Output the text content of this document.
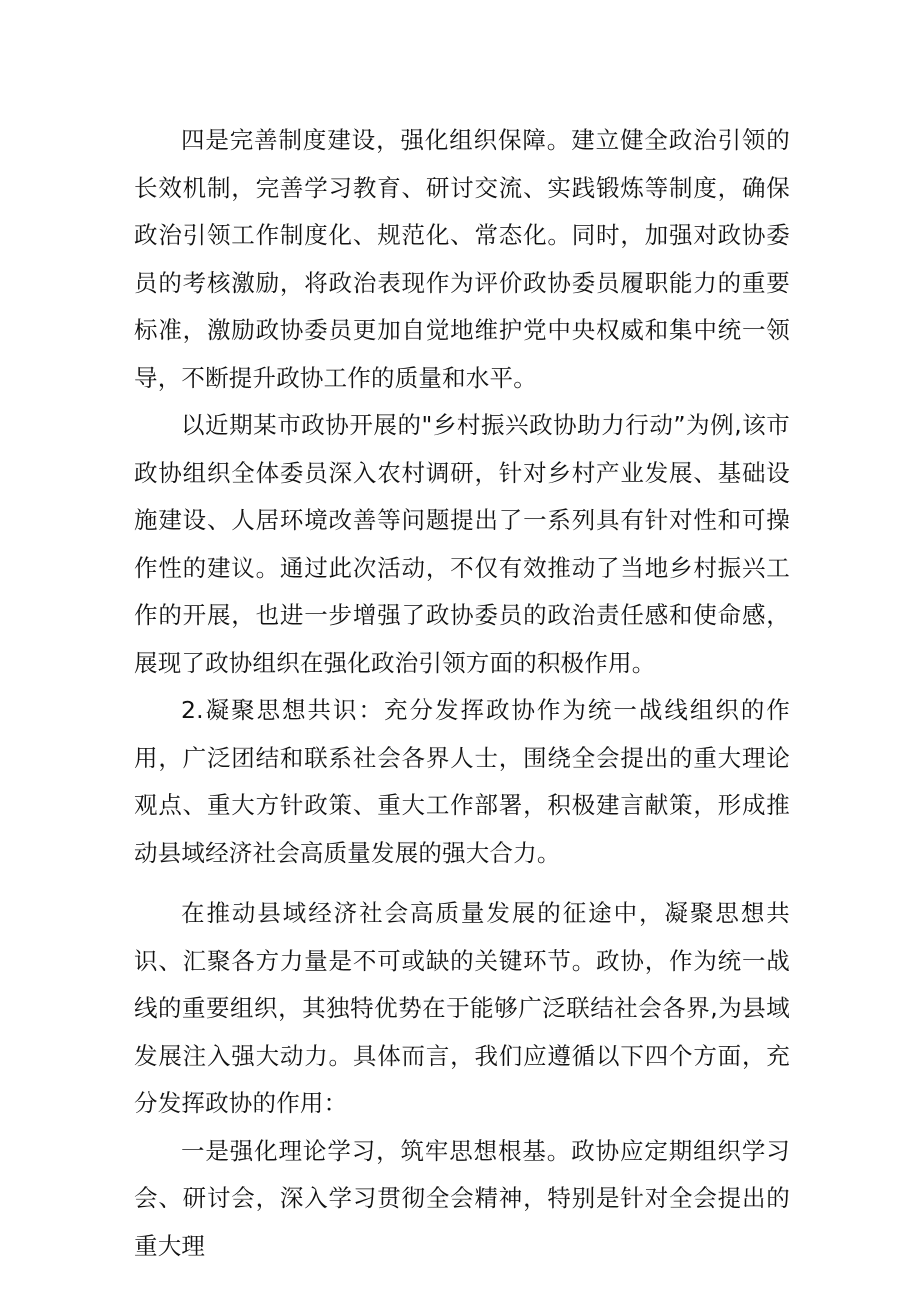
四是完善制度建设，强化组织保障。建立健全政治引领的长效机制，完善学习教育、研讨交流、实践锻炼等制度，确保政治引领工作制度化、规范化、常态化。同时，加强对政协委员的考核激励，将政治表现作为评价政协委员履职能力的重要标准，激励政协委员更加自觉地维护党中央权威和集中统一领导，不断提升政协工作的质量和水平。

以近期某市政协开展的"乡村振兴政协助力行动”为例,该市政协组织全体委员深入农村调研，针对乡村产业发展、基础设施建设、人居环境改善等问题提出了一系列具有针对性和可操作性的建议。通过此次活动，不仅有效推动了当地乡村振兴工作的开展，也进一步增强了政协委员的政治责任感和使命感，展现了政协组织在强化政治引领方面的积极作用。

2.凝聚思想共识：充分发挥政协作为统一战线组织的作用，广泛团结和联系社会各界人士，围绕全会提出的重大理论观点、重大方针政策、重大工作部署，积极建言献策，形成推动县域经济社会高质量发展的强大合力。

在推动县域经济社会高质量发展的征途中，凝聚思想共识、汇聚各方力量是不可或缺的关键环节。政协，作为统一战线的重要组织，其独特优势在于能够广泛联结社会各界,为县域发展注入强大动力。具体而言，我们应遵循以下四个方面，充分发挥政协的作用：

一是强化理论学习，筑牢思想根基。政协应定期组织学习会、研讨会，深入学习贯彻全会精神，特别是针对全会提出的重大理
